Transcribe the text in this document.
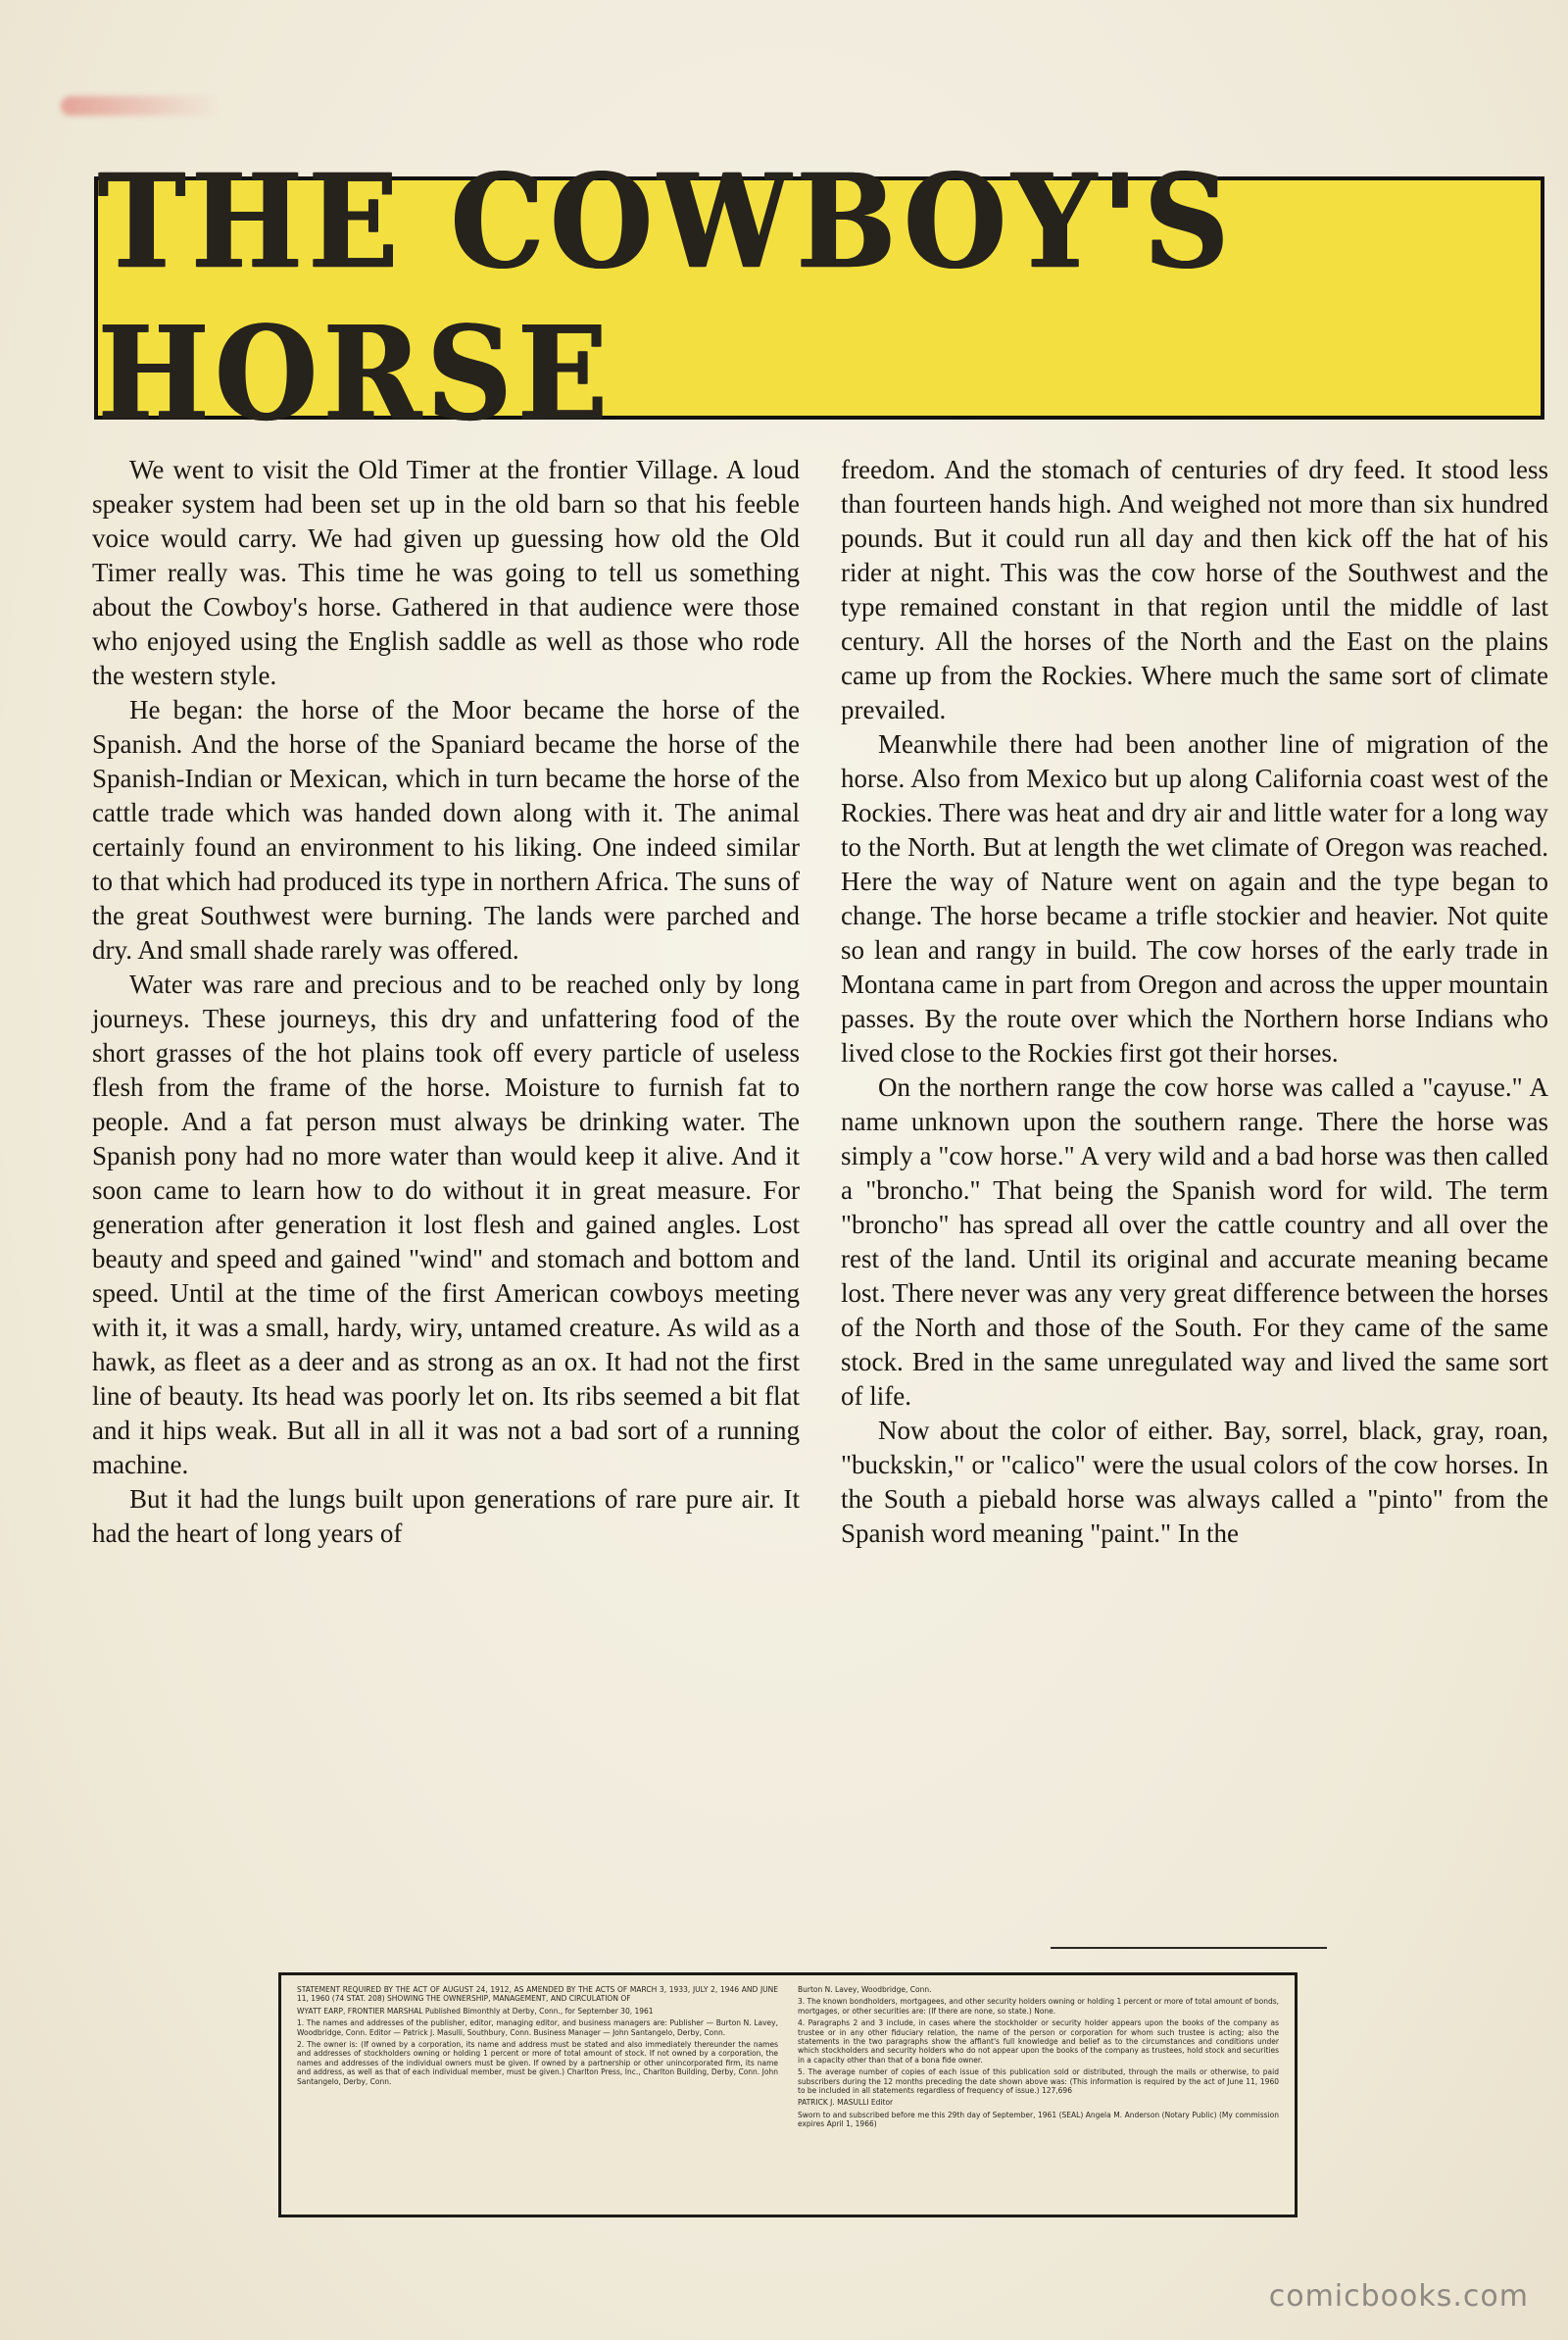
THE COWBOY'S HORSE

We went to visit the Old Timer at the frontier Village. A loud speaker system had been set up in the old barn so that his feeble voice would carry. We had given up guessing how old the Old Timer really was. This time he was going to tell us something about the Cowboy's horse. Gathered in that audience were those who enjoyed using the English saddle as well as those who rode the western style.

He began: the horse of the Moor became the horse of the Spanish. And the horse of the Spaniard became the horse of the Spanish-Indian or Mexican, which in turn became the horse of the cattle trade which was handed down along with it. The animal certainly found an environment to his liking. One indeed similar to that which had produced its type in northern Africa. The suns of the great Southwest were burning. The lands were parched and dry. And small shade rarely was offered.

Water was rare and precious and to be reached only by long journeys. These journeys, this dry and unfattering food of the short grasses of the hot plains took off every particle of useless flesh from the frame of the horse. Moisture to furnish fat to people. And a fat person must always be drinking water. The Spanish pony had no more water than would keep it alive. And it soon came to learn how to do without it in great measure. For generation after generation it lost flesh and gained angles. Lost beauty and speed and gained "wind" and stomach and bottom and speed. Until at the time of the first American cowboys meeting with it, it was a small, hardy, wiry, untamed creature. As wild as a hawk, as fleet as a deer and as strong as an ox. It had not the first line of beauty. Its head was poorly let on. Its ribs seemed a bit flat and it hips weak. But all in all it was not a bad sort of a running machine.

But it had the lungs built upon generations of rare pure air. It had the heart of long years of

freedom. And the stomach of centuries of dry feed. It stood less than fourteen hands high. And weighed not more than six hundred pounds. But it could run all day and then kick off the hat of his rider at night. This was the cow horse of the Southwest and the type remained constant in that region until the middle of last century. All the horses of the North and the East on the plains came up from the Rockies. Where much the same sort of climate prevailed.

Meanwhile there had been another line of migration of the horse. Also from Mexico but up along California coast west of the Rockies. There was heat and dry air and little water for a long way to the North. But at length the wet climate of Oregon was reached. Here the way of Nature went on again and the type began to change. The horse became a trifle stockier and heavier. Not quite so lean and rangy in build. The cow horses of the early trade in Montana came in part from Oregon and across the upper mountain passes. By the route over which the Northern horse Indians who lived close to the Rockies first got their horses.

On the northern range the cow horse was called a "cayuse." A name unknown upon the southern range. There the horse was simply a "cow horse." A very wild and a bad horse was then called a "broncho." That being the Spanish word for wild. The term "broncho" has spread all over the cattle country and all over the rest of the land. Until its original and accurate meaning became lost. There never was any very great difference between the horses of the North and those of the South. For they came of the same stock. Bred in the same unregulated way and lived the same sort of life.

Now about the color of either. Bay, sorrel, black, gray, roan, "buckskin," or "calico" were the usual colors of the cow horses. In the South a piebald horse was always called a "pinto" from the Spanish word meaning "paint." In the

STATEMENT REQUIRED BY THE ACT OF AUGUST 24, 1912, AS AMENDED BY THE ACTS OF MARCH 3, 1933, JULY 2, 1946 AND JUNE 11, 1960 (74 STAT. 208) SHOWING THE OWNERSHIP, MANAGEMENT, AND CIRCULATION OF

WYATT EARP, FRONTIER MARSHAL Published Bimonthly at Derby, Conn., for September 30, 1961

1. The names and addresses of the publisher, editor, managing editor, and business managers are: Publisher — Burton N. Lavey, Woodbridge, Conn. Editor — Patrick J. Masulli, Southbury, Conn. Business Manager — John Santangelo, Derby, Conn.

2. The owner is: (If owned by a corporation, its name and address must be stated and also immediately thereunder the names and addresses of stockholders owning or holding 1 percent or more of total amount of stock. If not owned by a corporation, the names and addresses of the individual owners must be given. If owned by a partnership or other unincorporated firm, its name and address, as well as that of each individual member, must be given.) Charlton Press, Inc., Charlton Building, Derby, Conn. John Santangelo, Derby, Conn.

Burton N. Lavey, Woodbridge, Conn.

3. The known bondholders, mortgagees, and other security holders owning or holding 1 percent or more of total amount of bonds, mortgages, or other securities are: (If there are none, so state.) None.

4. Paragraphs 2 and 3 include, in cases where the stockholder or security holder appears upon the books of the company as trustee or in any other fiduciary relation, the name of the person or corporation for whom such trustee is acting; also the statements in the two paragraphs show the affiant's full knowledge and belief as to the circumstances and conditions under which stockholders and security holders who do not appear upon the books of the company as trustees, hold stock and securities in a capacity other than that of a bona fide owner.

5. The average number of copies of each issue of this publication sold or distributed, through the mails or otherwise, to paid subscribers during the 12 months preceding the date shown above was: (This information is required by the act of June 11, 1960 to be included in all statements regardless of frequency of issue.) 127,696

PATRICK J. MASULLI Editor

Sworn to and subscribed before me this 29th day of September, 1961 (SEAL) Angela M. Anderson (Notary Public) (My commission expires April 1, 1966)

comicbooks.com
